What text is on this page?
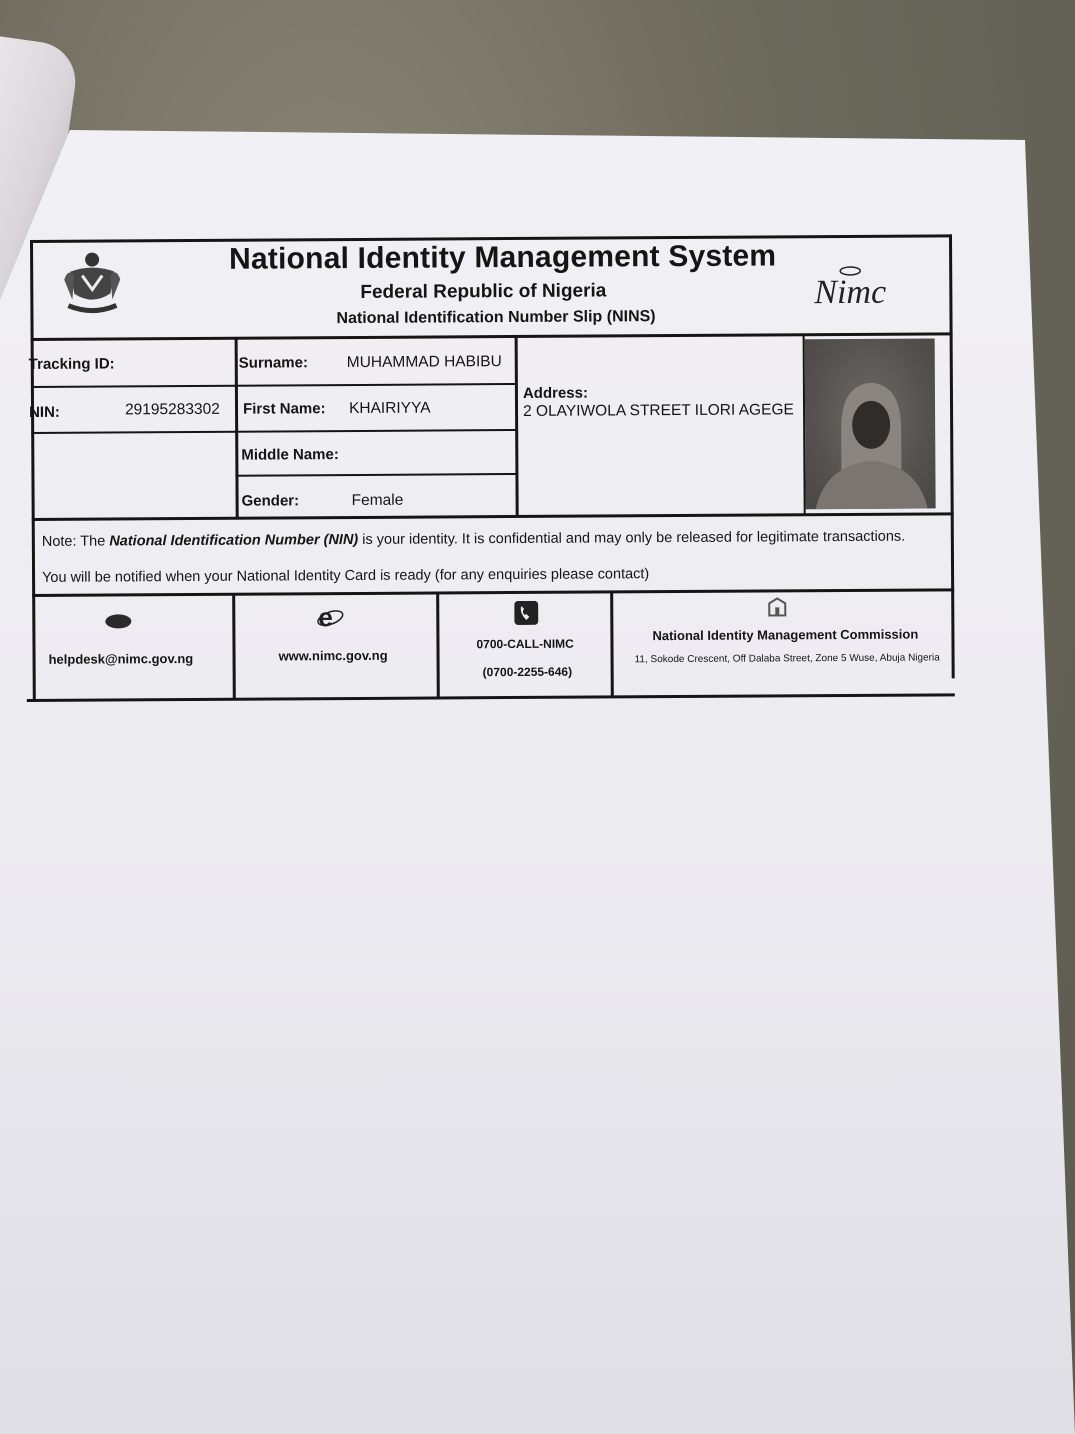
National Identity Management System
Federal Republic of Nigeria
National Identification Number Slip (NINS)
Nimc
Tracking ID:
NIN:	29195283302
Surname: MUHAMMAD HABIBU
First Name: KHAIRIYYA
Middle Name:
Gender:	Female
Address:
2 OLAYIWOLA STREET ILORI AGEGE
Note: The National Identification Number (NIN) is your identity. It is confidential and may only be released for legitimate transactions.
You will be notified when your National Identity Card is ready (for any enquiries please contact)
helpdesk@nimc.gov.ng
e
www.nimc.gov.ng
0700-CALL-NIMC
(0700-2255-646)
National Identity Management Commission
11, Sokode Crescent, Off Dalaba Street, Zone 5 Wuse, Abuja Nigeria
